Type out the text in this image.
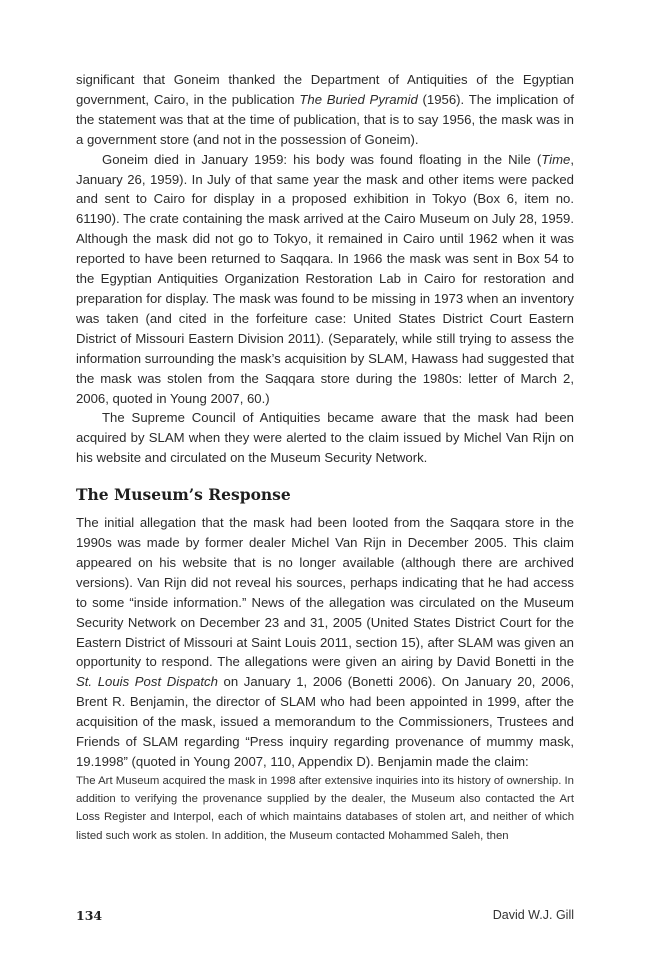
significant that Goneim thanked the Department of Antiquities of the Egyptian government, Cairo, in the publication The Buried Pyramid (1956). The implication of the statement was that at the time of publication, that is to say 1956, the mask was in a government store (and not in the possession of Goneim).

Goneim died in January 1959: his body was found floating in the Nile (Time, January 26, 1959). In July of that same year the mask and other items were packed and sent to Cairo for display in a proposed exhibition in Tokyo (Box 6, item no. 61190). The crate containing the mask arrived at the Cairo Museum on July 28, 1959. Although the mask did not go to Tokyo, it remained in Cairo until 1962 when it was reported to have been returned to Saqqara. In 1966 the mask was sent in Box 54 to the Egyptian Antiquities Organization Restoration Lab in Cairo for restoration and preparation for display. The mask was found to be missing in 1973 when an inventory was taken (and cited in the forfeiture case: United States District Court Eastern District of Missouri Eastern Division 2011). (Separately, while still trying to assess the information surrounding the mask’s acquisition by SLAM, Hawass had suggested that the mask was stolen from the Saqqara store during the 1980s: letter of March 2, 2006, quoted in Young 2007, 60.)

The Supreme Council of Antiquities became aware that the mask had been acquired by SLAM when they were alerted to the claim issued by Michel Van Rijn on his website and circulated on the Museum Security Network.

The Museum’s Response

The initial allegation that the mask had been looted from the Saqqara store in the 1990s was made by former dealer Michel Van Rijn in December 2005. This claim appeared on his website that is no longer available (although there are archived versions). Van Rijn did not reveal his sources, perhaps indicating that he had access to some “inside information.” News of the allegation was circulated on the Museum Security Network on December 23 and 31, 2005 (United States District Court for the Eastern District of Missouri at Saint Louis 2011, section 15), after SLAM was given an opportunity to respond. The allegations were given an airing by David Bonetti in the St. Louis Post Dispatch on January 1, 2006 (Bonetti 2006). On January 20, 2006, Brent R. Benjamin, the director of SLAM who had been appointed in 1999, after the acquisition of the mask, issued a memorandum to the Commissioners, Trustees and Friends of SLAM regarding “Press inquiry regarding provenance of mummy mask, 19.1998” (quoted in Young 2007, 110, Appendix D). Benjamin made the claim:

The Art Museum acquired the mask in 1998 after extensive inquiries into its history of ownership. In addition to verifying the provenance supplied by the dealer, the Museum also contacted the Art Loss Register and Interpol, each of which maintains databases of stolen art, and neither of which listed such work as stolen. In addition, the Museum contacted Mohammed Saleh, then

134	David W.J. Gill
